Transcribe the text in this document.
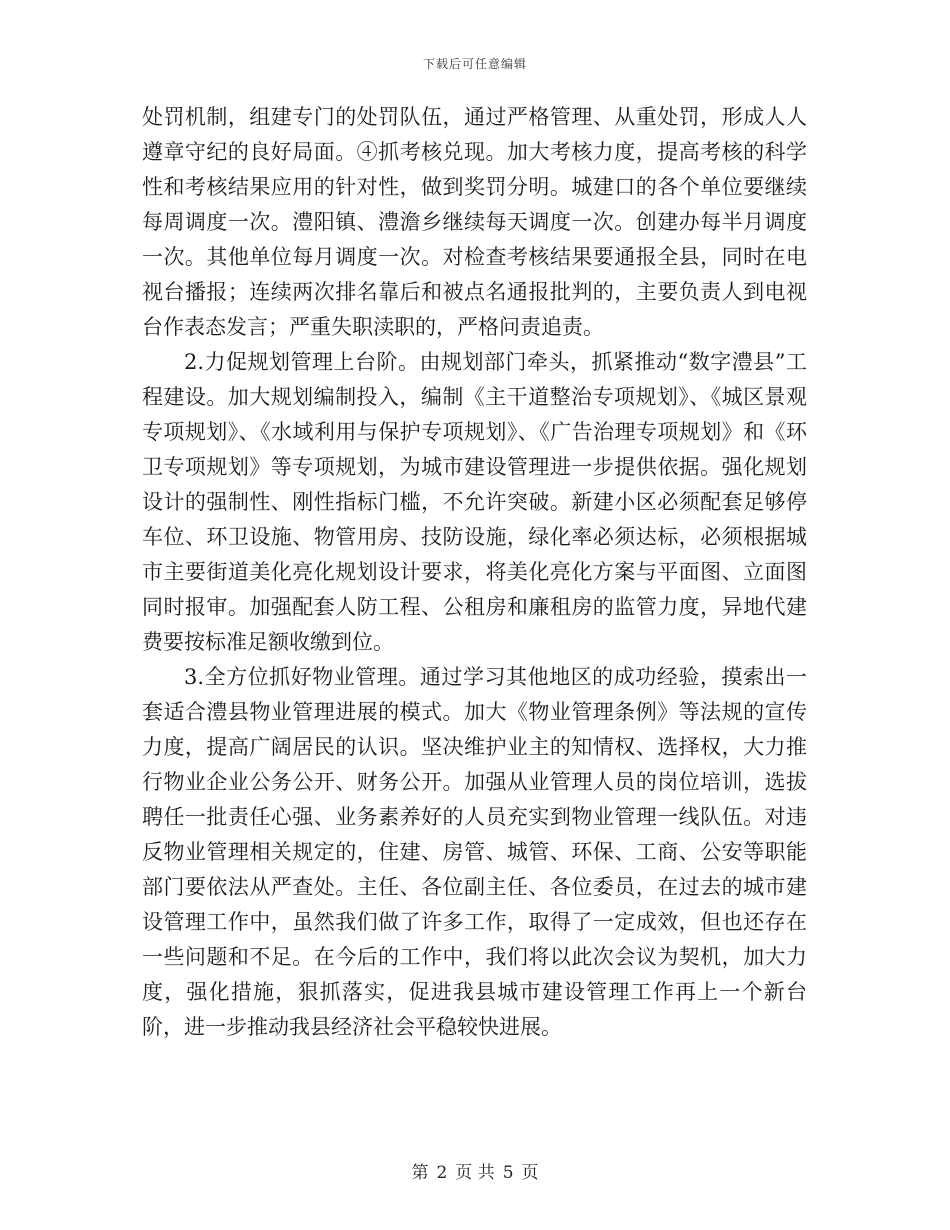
下载后可任意编辑

处罚机制，组建专门的处罚队伍，通过严格管理、从重处罚，形成人人遵章守纪的良好局面。④抓考核兑现。加大考核力度，提高考核的科学性和考核结果应用的针对性，做到奖罚分明。城建口的各个单位要继续每周调度一次。澧阳镇、澧澹乡继续每天调度一次。创建办每半月调度一次。其他单位每月调度一次。对检查考核结果要通报全县，同时在电视台播报；连续两次排名靠后和被点名通报批判的，主要负责人到电视台作表态发言；严重失职渎职的，严格问责追责。

2.力促规划管理上台阶。由规划部门牵头，抓紧推动“数字澧县”工程建设。加大规划编制投入，编制《主干道整治专项规划》、《城区景观专项规划》、《水域利用与保护专项规划》、《广告治理专项规划》和《环卫专项规划》等专项规划，为城市建设管理进一步提供依据。强化规划设计的强制性、刚性指标门槛，不允许突破。新建小区必须配套足够停车位、环卫设施、物管用房、技防设施，绿化率必须达标，必须根据城市主要街道美化亮化规划设计要求，将美化亮化方案与平面图、立面图同时报审。加强配套人防工程、公租房和廉租房的监管力度，异地代建费要按标准足额收缴到位。

3.全方位抓好物业管理。通过学习其他地区的成功经验，摸索出一套适合澧县物业管理进展的模式。加大《物业管理条例》等法规的宣传力度，提高广阔居民的认识。坚决维护业主的知情权、选择权，大力推行物业企业公务公开、财务公开。加强从业管理人员的岗位培训，选拔聘任一批责任心强、业务素养好的人员充实到物业管理一线队伍。对违反物业管理相关规定的，住建、房管、城管、环保、工商、公安等职能部门要依法从严查处。主任、各位副主任、各位委员，在过去的城市建设管理工作中，虽然我们做了许多工作，取得了一定成效，但也还存在一些问题和不足。在今后的工作中，我们将以此次会议为契机，加大力度，强化措施，狠抓落实，促进我县城市建设管理工作再上一个新台阶，进一步推动我县经济社会平稳较快进展。

第 2 页 共 5 页
